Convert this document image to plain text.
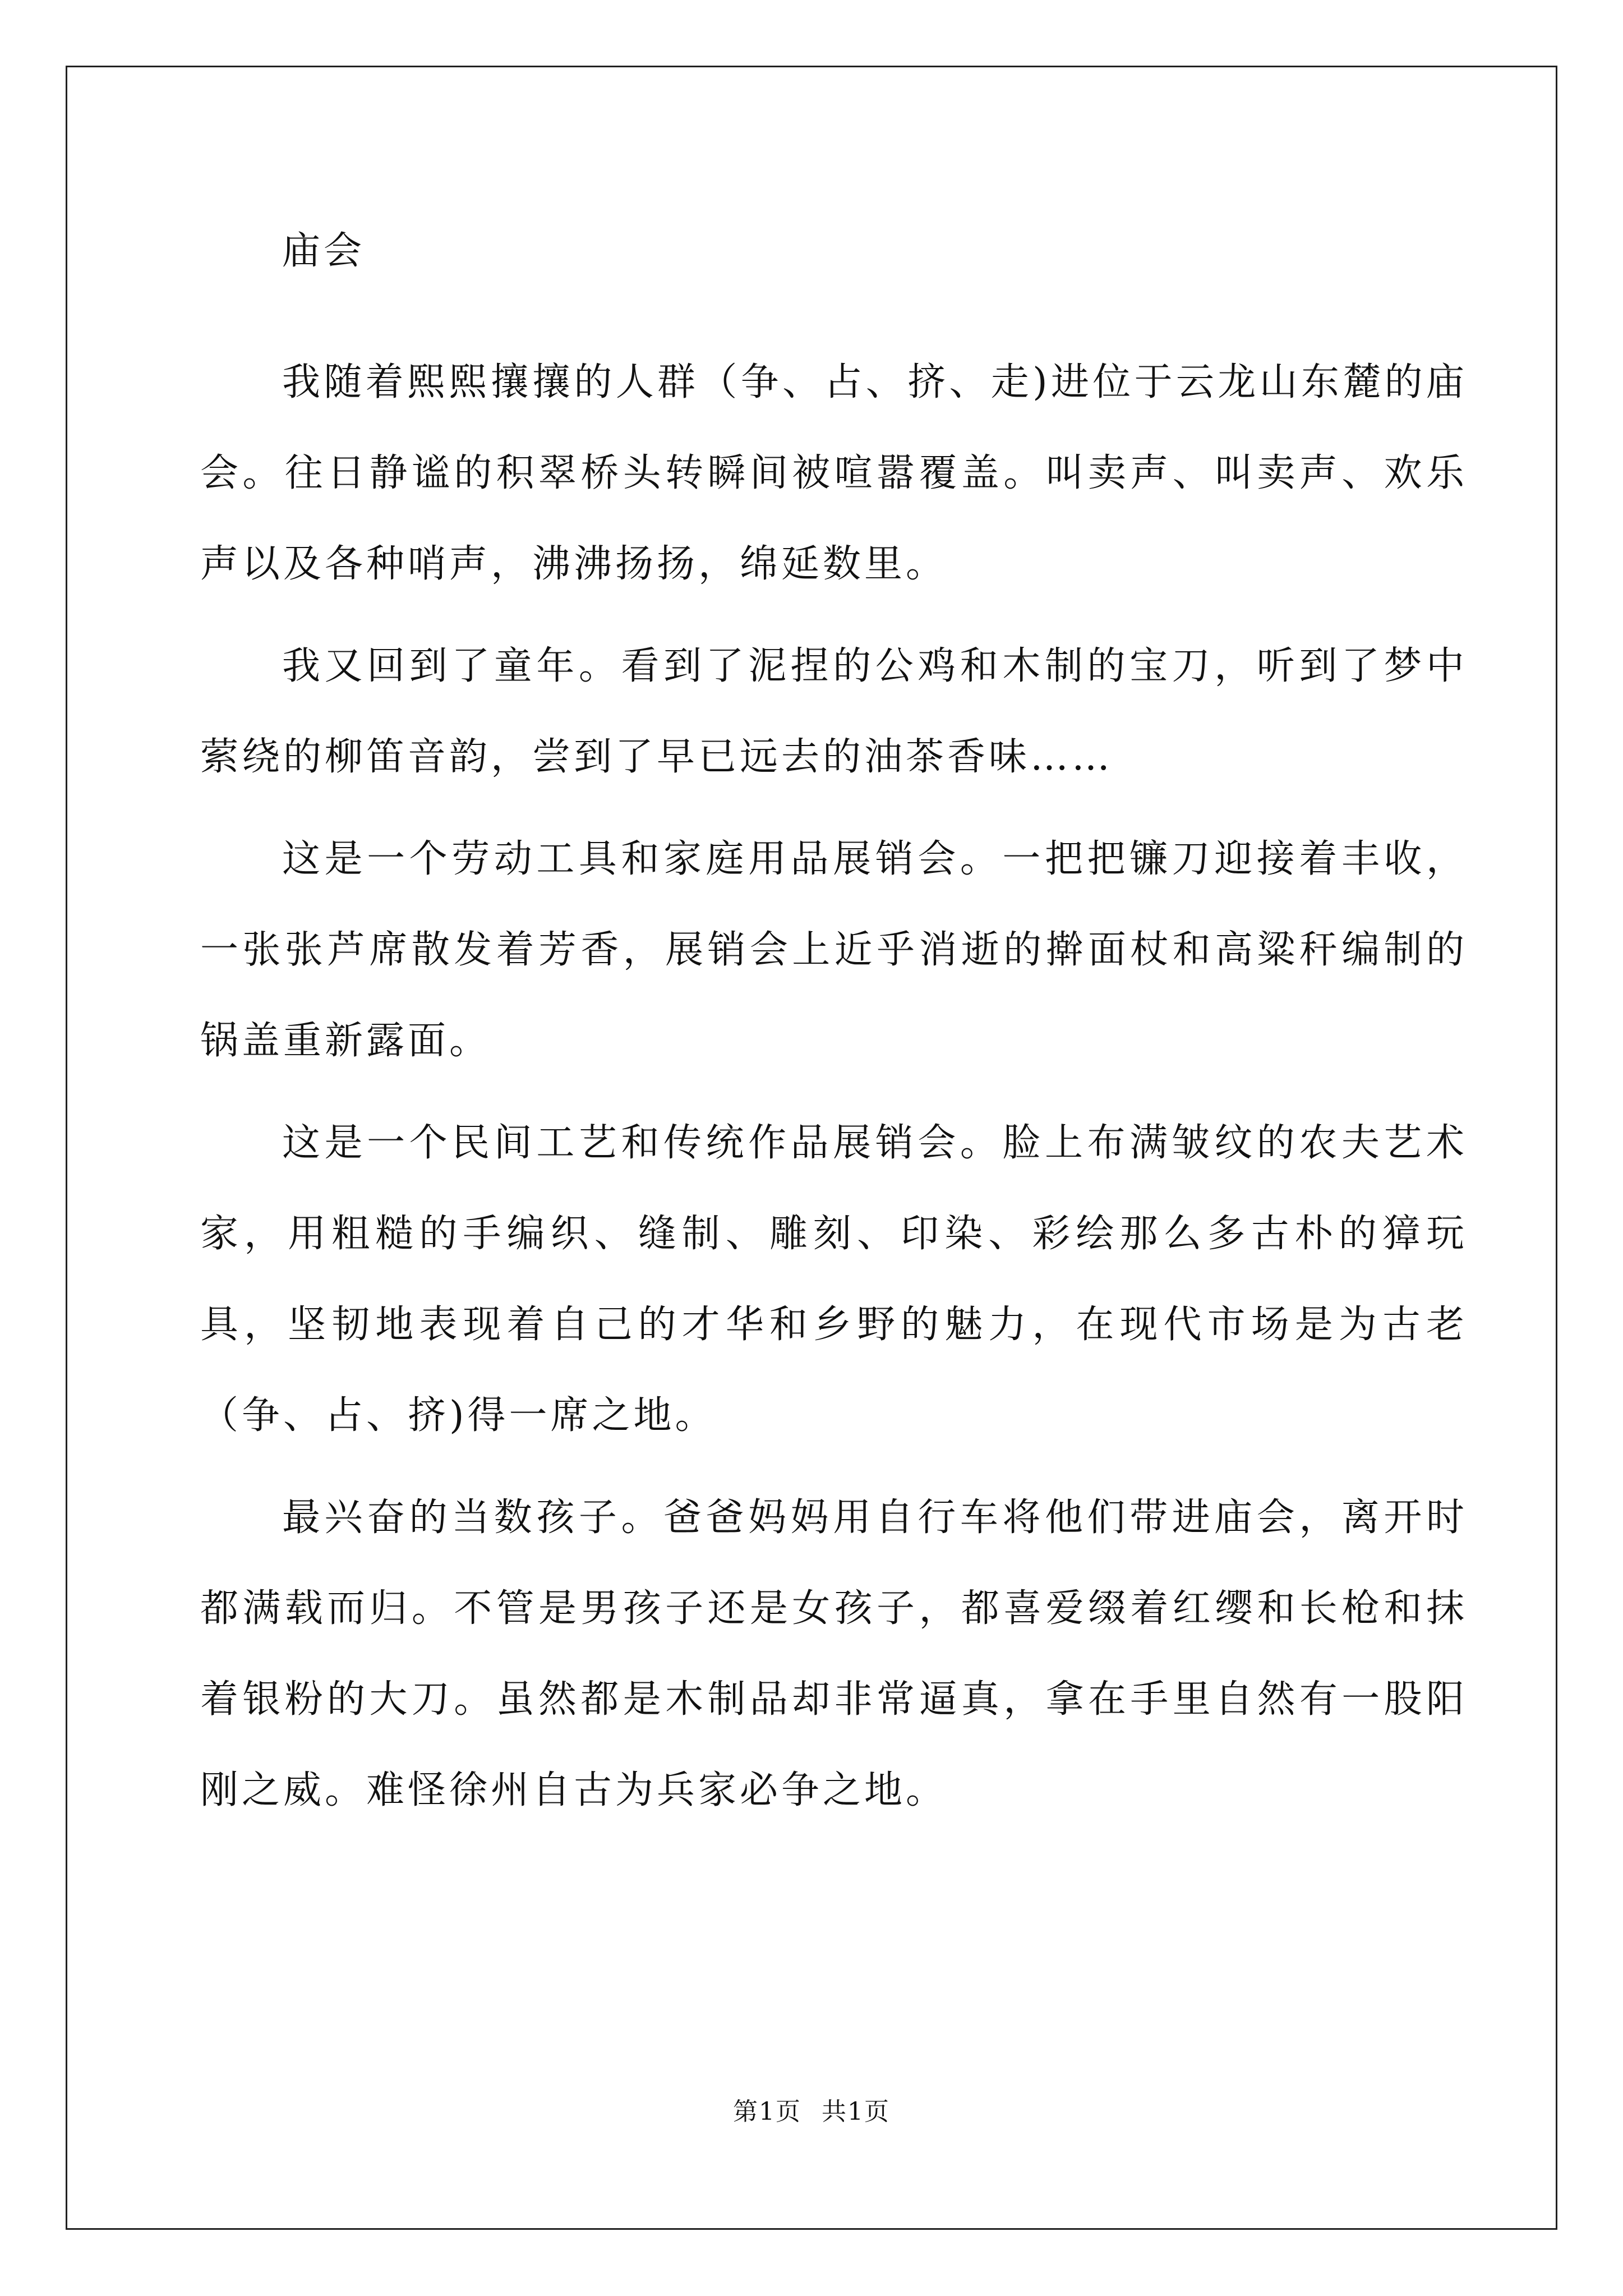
庙会

我随着熙熙攘攘的人群（争、占、挤、走)进位于云龙山东麓的庙会。往日静谧的积翠桥头转瞬间被喧嚣覆盖。叫卖声、叫卖声、欢乐声以及各种哨声，沸沸扬扬，绵延数里。

我又回到了童年。看到了泥捏的公鸡和木制的宝刀，听到了梦中萦绕的柳笛音韵，尝到了早已远去的油茶香味……

这是一个劳动工具和家庭用品展销会。一把把镰刀迎接着丰收，一张张芦席散发着芳香，展销会上近乎消逝的擀面杖和高粱秆编制的锅盖重新露面。

这是一个民间工艺和传统作品展销会。脸上布满皱纹的农夫艺术家，用粗糙的手编织、缝制、雕刻、印染、彩绘那么多古朴的獐玩具，坚韧地表现着自己的才华和乡野的魅力，在现代市场是为古老（争、占、挤)得一席之地。

最兴奋的当数孩子。爸爸妈妈用自行车将他们带进庙会，离开时都满载而归。不管是男孩子还是女孩子，都喜爱缀着红缨和长枪和抹着银粉的大刀。虽然都是木制品却非常逼真，拿在手里自然有一股阳刚之威。难怪徐州自古为兵家必争之地。

第1页 共1页
